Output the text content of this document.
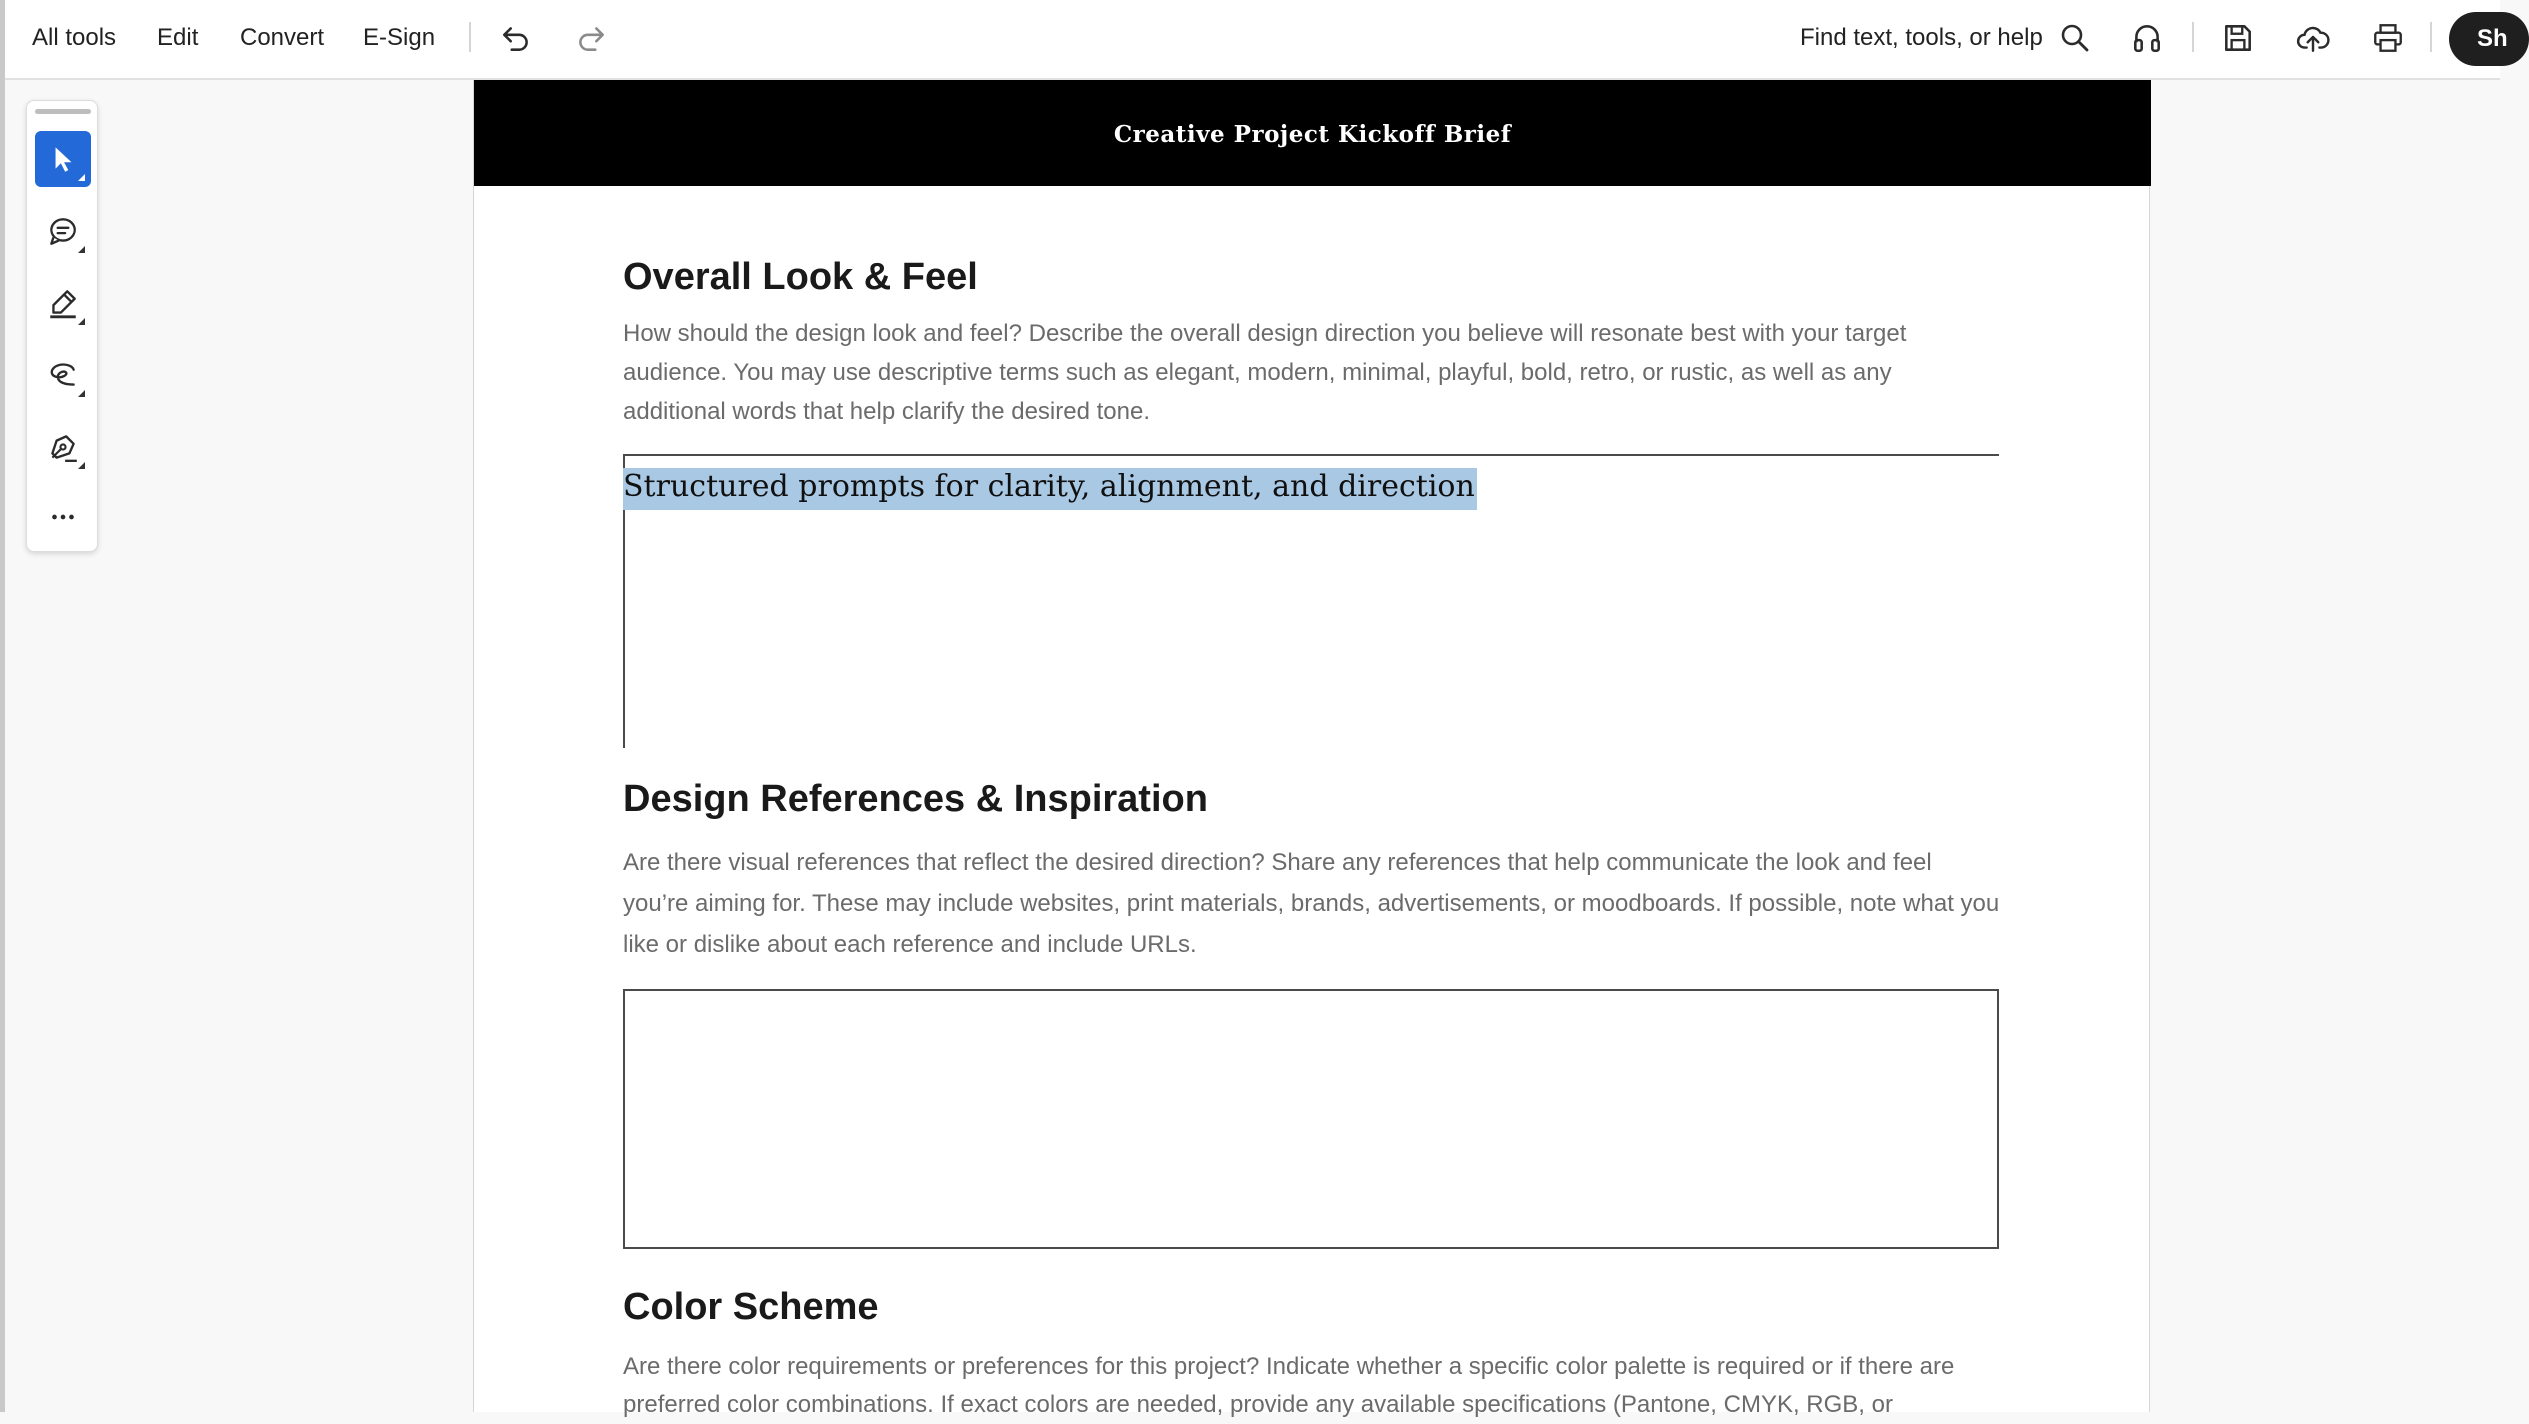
All tools Edit Convert E-Sign	Find text, tools, or help	Sh
Creative Project Kickoff Brief
Overall Look & Feel
How should the design look and feel? Describe the overall design direction you believe will resonate best with your target audience. You may use descriptive terms such as elegant, modern, minimal, playful, bold, retro, or rustic, as well as any additional words that help clarify the desired tone.
Structured prompts for clarity, alignment, and direction
Design References & Inspiration
Are there visual references that reflect the desired direction? Share any references that help communicate the look and feel you’re aiming for. These may include websites, print materials, brands, advertisements, or moodboards. If possible, note what you like or dislike about each reference and include URLs.
Color Scheme
Are there color requirements or preferences for this project? Indicate whether a specific color palette is required or if there are preferred color combinations. If exact colors are needed, provide any available specifications (Pantone, CMYK, RGB, or
